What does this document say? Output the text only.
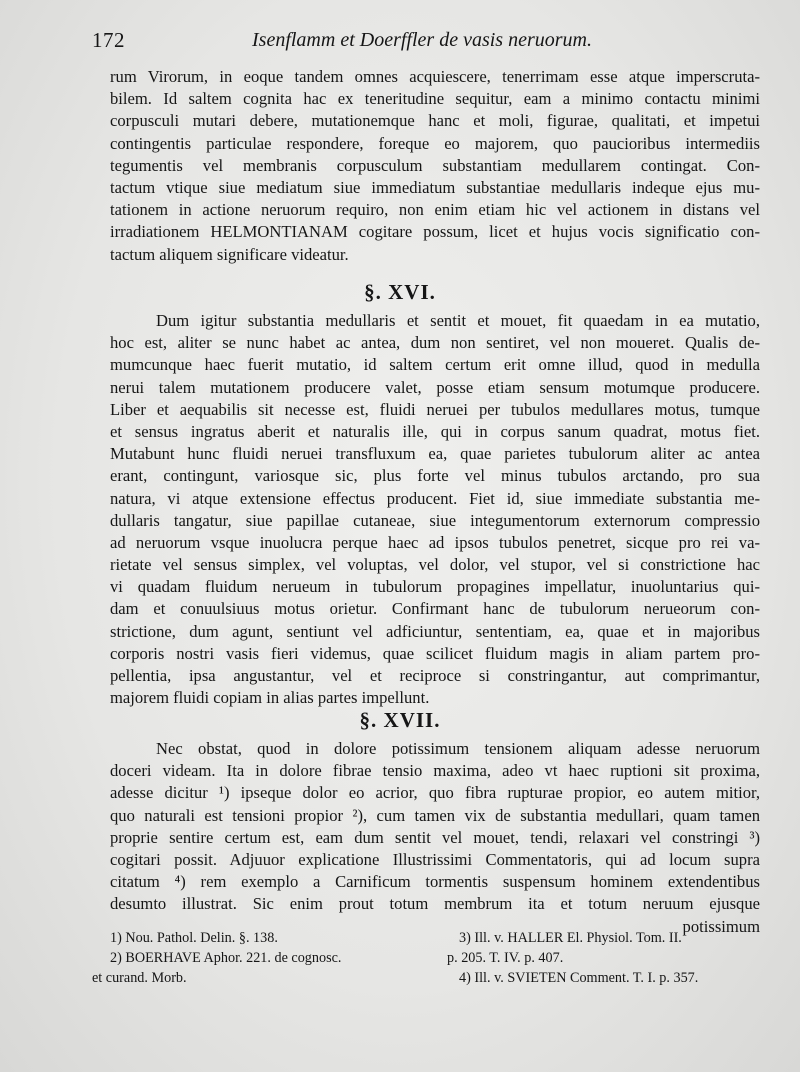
172	Isenflamm et Doerffler de vasis neruorum.
rum Virorum, in eoque tandem omnes acquiescere, tenerrimam esse atque imperscruta-
bilem. Id saltem cognita hac ex teneritudine sequitur, eam a minimo contactu minimi
corpusculi mutari debere, mutationemque hanc et moli, figurae, qualitati, et impetui
contingentis particulae respondere, foreque eo majorem, quo paucioribus intermediis
tegumentis vel membranis corpusculum substantiam medullarem contingat. Con-
tactum vtique siue mediatum siue immediatum substantiae medullaris indeque ejus mu-
tationem in actione neruorum requiro, non enim etiam hic vel actionem in distans vel
irradiationem HELMONTIANAM cogitare possum, licet et hujus vocis significatio con-
tactum aliquem significare videatur.
§. XVI.
Dum igitur substantia medullaris et sentit et mouet, fit quaedam in ea mutatio,
hoc est, aliter se nunc habet ac antea, dum non sentiret, vel non moueret. Qualis de-
mumcunque haec fuerit mutatio, id saltem certum erit omne illud, quod in medulla
nerui talem mutationem producere valet, posse etiam sensum motumque producere.
Liber et aequabilis sit necesse est, fluidi neruei per tubulos medullares motus, tumque
et sensus ingratus aberit et naturalis ille, qui in corpus sanum quadrat, motus fiet.
Mutabunt hunc fluidi neruei transfluxum ea, quae parietes tubulorum aliter ac antea
erant, contingunt, variosque sic, plus forte vel minus tubulos arctando, pro sua
natura, vi atque extensione effectus producent. Fiet id, siue immediate substantia me-
dullaris tangatur, siue papillae cutaneae, siue integumentorum externorum compressio
ad neruorum vsque inuolucra perque haec ad ipsos tubulos penetret, sicque pro rei va-
rietate vel sensus simplex, vel voluptas, vel dolor, vel stupor, vel si constrictione hac
vi quadam fluidum nerueum in tubulorum propagines impellatur, inuoluntarius qui-
dam et conuulsiuus motus orietur. Confirmant hanc de tubulorum nerueorum con-
strictione, dum agunt, sentiunt vel adficiuntur, sententiam, ea, quae et in majoribus
corporis nostri vasis fieri videmus, quae scilicet fluidum magis in aliam partem pro-
pellentia, ipsa angustantur, vel et reciproce si constringantur, aut comprimantur,
majorem fluidi copiam in alias partes impellunt.
§. XVII.
Nec obstat, quod in dolore potissimum tensionem aliquam adesse neruorum
doceri videam. Ita in dolore fibrae tensio maxima, adeo vt haec ruptioni sit proxima,
adesse dicitur ¹) ipseque dolor eo acrior, quo fibra rupturae propior, eo autem mitior,
quo naturali est tensioni propior ²), cum tamen vix de substantia medullari, quam tamen
proprie sentire certum est, eam dum sentit vel mouet, tendi, relaxari vel constringi ³)
cogitari possit. Adjuuor explicatione Illustrissimi Commentatoris, qui ad locum supra
citatum ⁴) rem exemplo a Carnificum tormentis suspensum hominem extendentibus
desumto illustrat. Sic enim prout totum membrum ita et totum neruum ejusque
potissimum
1) Nou. Pathol. Delin. §. 138.
2) BOERHAVE Aphor. 221. de cognosc.
et curand. Morb.
3) Ill. v. HALLER El. Physiol. Tom. II.
p. 205. T. IV. p. 407.
4) Ill. v. SVIETEN Comment. T. I. p. 357.
